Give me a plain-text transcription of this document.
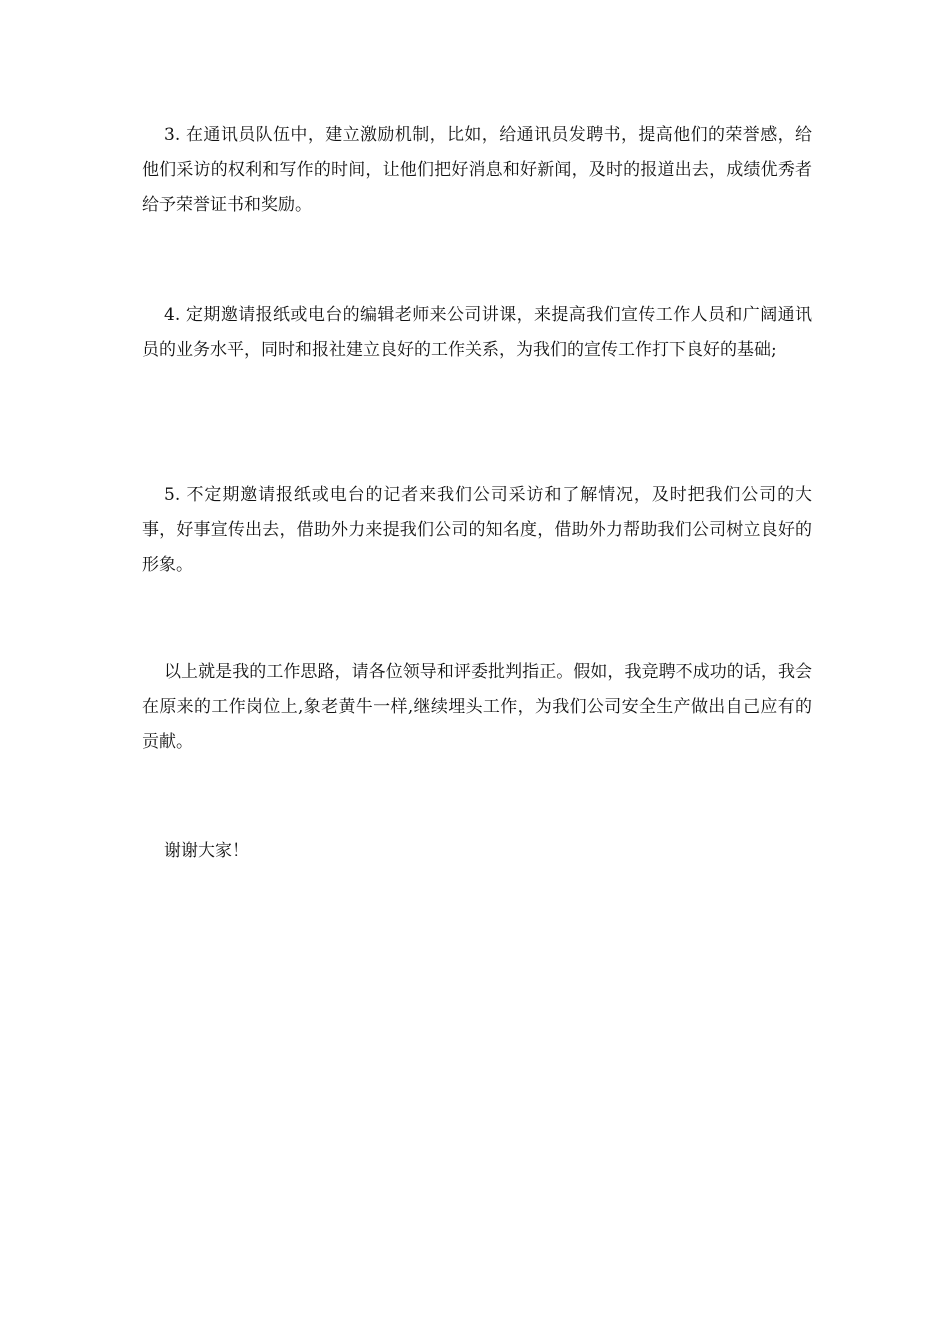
3. 在通讯员队伍中，建立激励机制，比如，给通讯员发聘书，提高他们的荣誉感，给他们采访的权利和写作的时间，让他们把好消息和好新闻，及时的报道出去，成绩优秀者给予荣誉证书和奖励。

4. 定期邀请报纸或电台的编辑老师来公司讲课，来提高我们宣传工作人员和广阔通讯员的业务水平，同时和报社建立良好的工作关系，为我们的宣传工作打下良好的基础;

5. 不定期邀请报纸或电台的记者来我们公司采访和了解情况，及时把我们公司的大事，好事宣传出去，借助外力来提我们公司的知名度，借助外力帮助我们公司树立良好的形象。

以上就是我的工作思路，请各位领导和评委批判指正。假如，我竞聘不成功的话，我会在原来的工作岗位上,象老黄牛一样,继续埋头工作，为我们公司安全生产做出自己应有的贡献。

谢谢大家！
